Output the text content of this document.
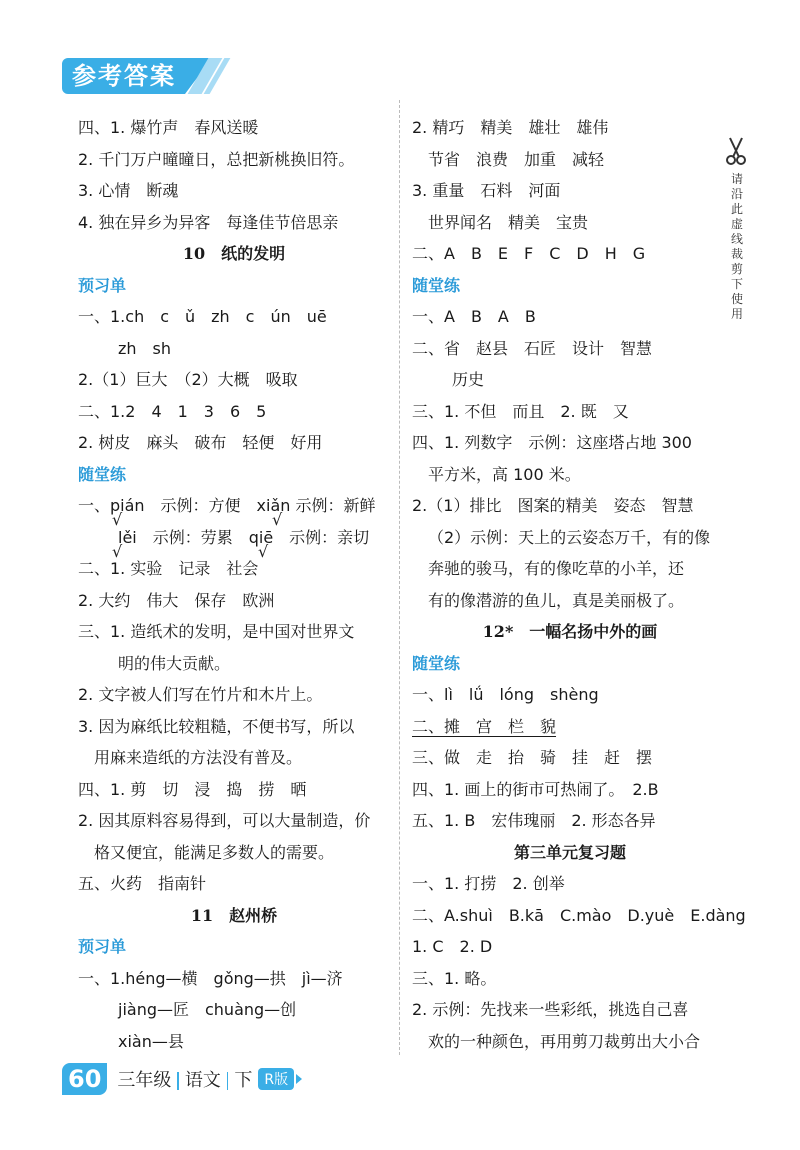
参考答案
四、1. 爆竹声　春风送暖
2. 千门万户曈曈日，总把新桃换旧符。
3. 心情　断魂
4. 独在异乡为异客　每逢佳节倍思亲
10　纸的发明
预习单
一、1.ch　c　ǔ　zh　c　ún　uē
zh　sh
2.（1）巨大　（2）大概　吸取
二、1.2　4　1　3　6　5
2. 树皮　麻头　破布　轻便　好用
随堂练
一、pián　示例：方便　xiǎn 示例：新鲜
lěi　示例：劳累　qiē　示例：亲切
二、1. 实验　记录　社会
2. 大约　伟大　保存　欧洲
三、1. 造纸术的发明，是中国对世界文
明的伟大贡献。
2. 文字被人们写在竹片和木片上。
3. 因为麻纸比较粗糙，不便书写，所以
用麻来造纸的方法没有普及。
四、1. 剪　切　浸　捣　捞　晒
2. 因其原料容易得到，可以大量制造，价
格又便宜，能满足多数人的需要。
五、火药　指南针
11　赵州桥
预习单
一、1.héng—横　gǒng—拱　jì—济
jiàng—匠　chuàng—创
xiàn—县
√	√
√	√
2. 精巧　精美　雄壮　雄伟
节省　浪费　加重　减轻
3. 重量　石料　河面
世界闻名　精美　宝贵
二、A　B　E　F　C　D　H　G
随堂练
一、A　B　A　B
二、省　赵县　石匠　设计　智慧
历史
三、1. 不但　而且　2. 既　又
四、1. 列数字　示例：这座塔占地 300
平方米，高 100 米。
2.（1）排比　图案的精美　姿态　智慧
（2）示例：天上的云姿态万千，有的像
奔驰的骏马，有的像吃草的小羊，还
有的像潜游的鱼儿，真是美丽极了。
12*　一幅名扬中外的画
随堂练
一、lì　lǘ　lóng　shèng
二、摊　宫　栏　貌
三、做　走　抬　骑　挂　赶　摆
四、1. 画上的街市可热闹了。　2.B
五、1. B　宏伟瑰丽　2. 形态各异
第三单元复习题
一、1. 打捞　2. 创举
二、A.shuì　B.kā　C.mào　D.yuè　E.dàng
1. C　2. D
三、1. 略。
2. 示例：先找来一些彩纸，挑选自己喜
欢的一种颜色，再用剪刀裁剪出大小合
请
沿
此
虚
线
裁
剪
下
使
用
60 三年级 语文 下 R版
